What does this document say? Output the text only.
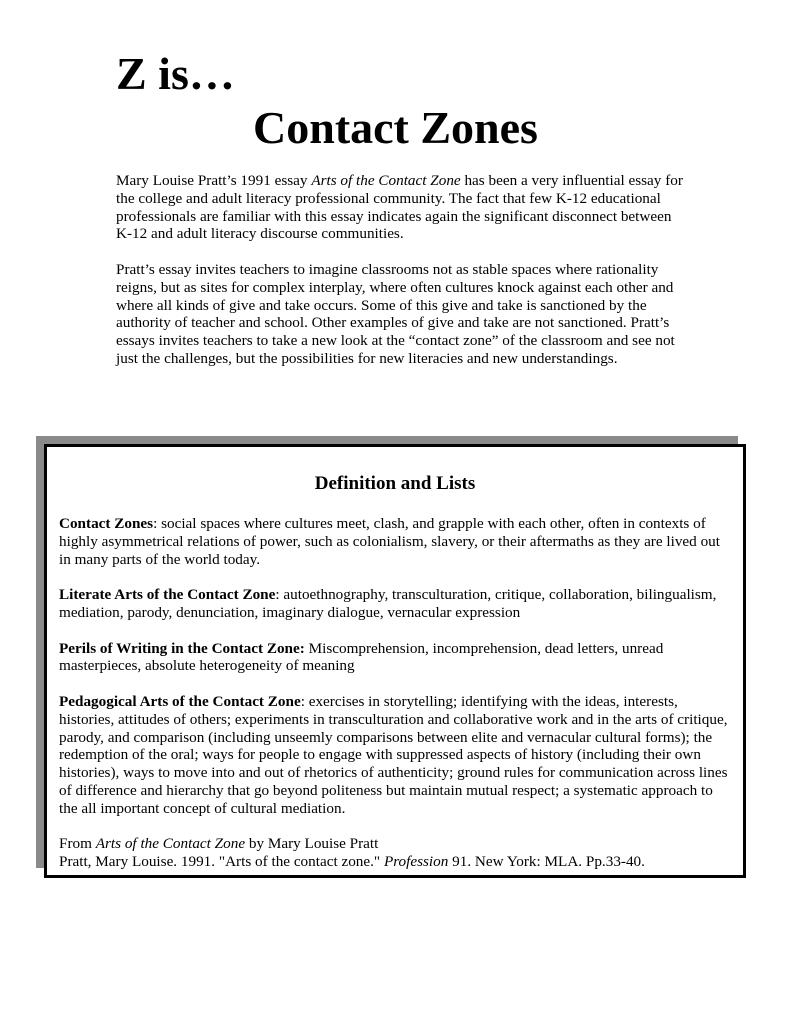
Z is…
Contact Zones

Mary Louise Pratt’s 1991 essay Arts of the Contact Zone has been a very influential essay for the college and adult literacy professional community. The fact that few K-12 educational professionals are familiar with this essay indicates again the significant disconnect between K-12 and adult literacy discourse communities.

Pratt’s essay invites teachers to imagine classrooms not as stable spaces where rationality reigns, but as sites for complex interplay, where often cultures knock against each other and where all kinds of give and take occurs. Some of this give and take is sanctioned by the authority of teacher and school. Other examples of give and take are not sanctioned. Pratt’s essays invites teachers to take a new look at the “contact zone” of the classroom and see not just the challenges, but the possibilities for new literacies and new understandings.

Definition and Lists

Contact Zones: social spaces where cultures meet, clash, and grapple with each other, often in contexts of highly asymmetrical relations of power, such as colonialism, slavery, or their aftermaths as they are lived out in many parts of the world today.

Literate Arts of the Contact Zone: autoethnography, transculturation, critique, collaboration, bilingualism, mediation, parody, denunciation, imaginary dialogue, vernacular expression

Perils of Writing in the Contact Zone: Miscomprehension, incomprehension, dead letters, unread masterpieces, absolute heterogeneity of meaning

Pedagogical Arts of the Contact Zone: exercises in storytelling; identifying with the ideas, interests, histories, attitudes of others; experiments in transculturation and collaborative work and in the arts of critique, parody, and comparison (including unseemly comparisons between elite and vernacular cultural forms); the redemption of the oral; ways for people to engage with suppressed aspects of history (including their own histories), ways to move into and out of rhetorics of authenticity; ground rules for communication across lines of difference and hierarchy that go beyond politeness but maintain mutual respect; a systematic approach to the all important concept of cultural mediation.

From Arts of the Contact Zone by Mary Louise Pratt

Pratt, Mary Louise. 1991. "Arts of the contact zone." Profession 91. New York: MLA. Pp.33-40.
